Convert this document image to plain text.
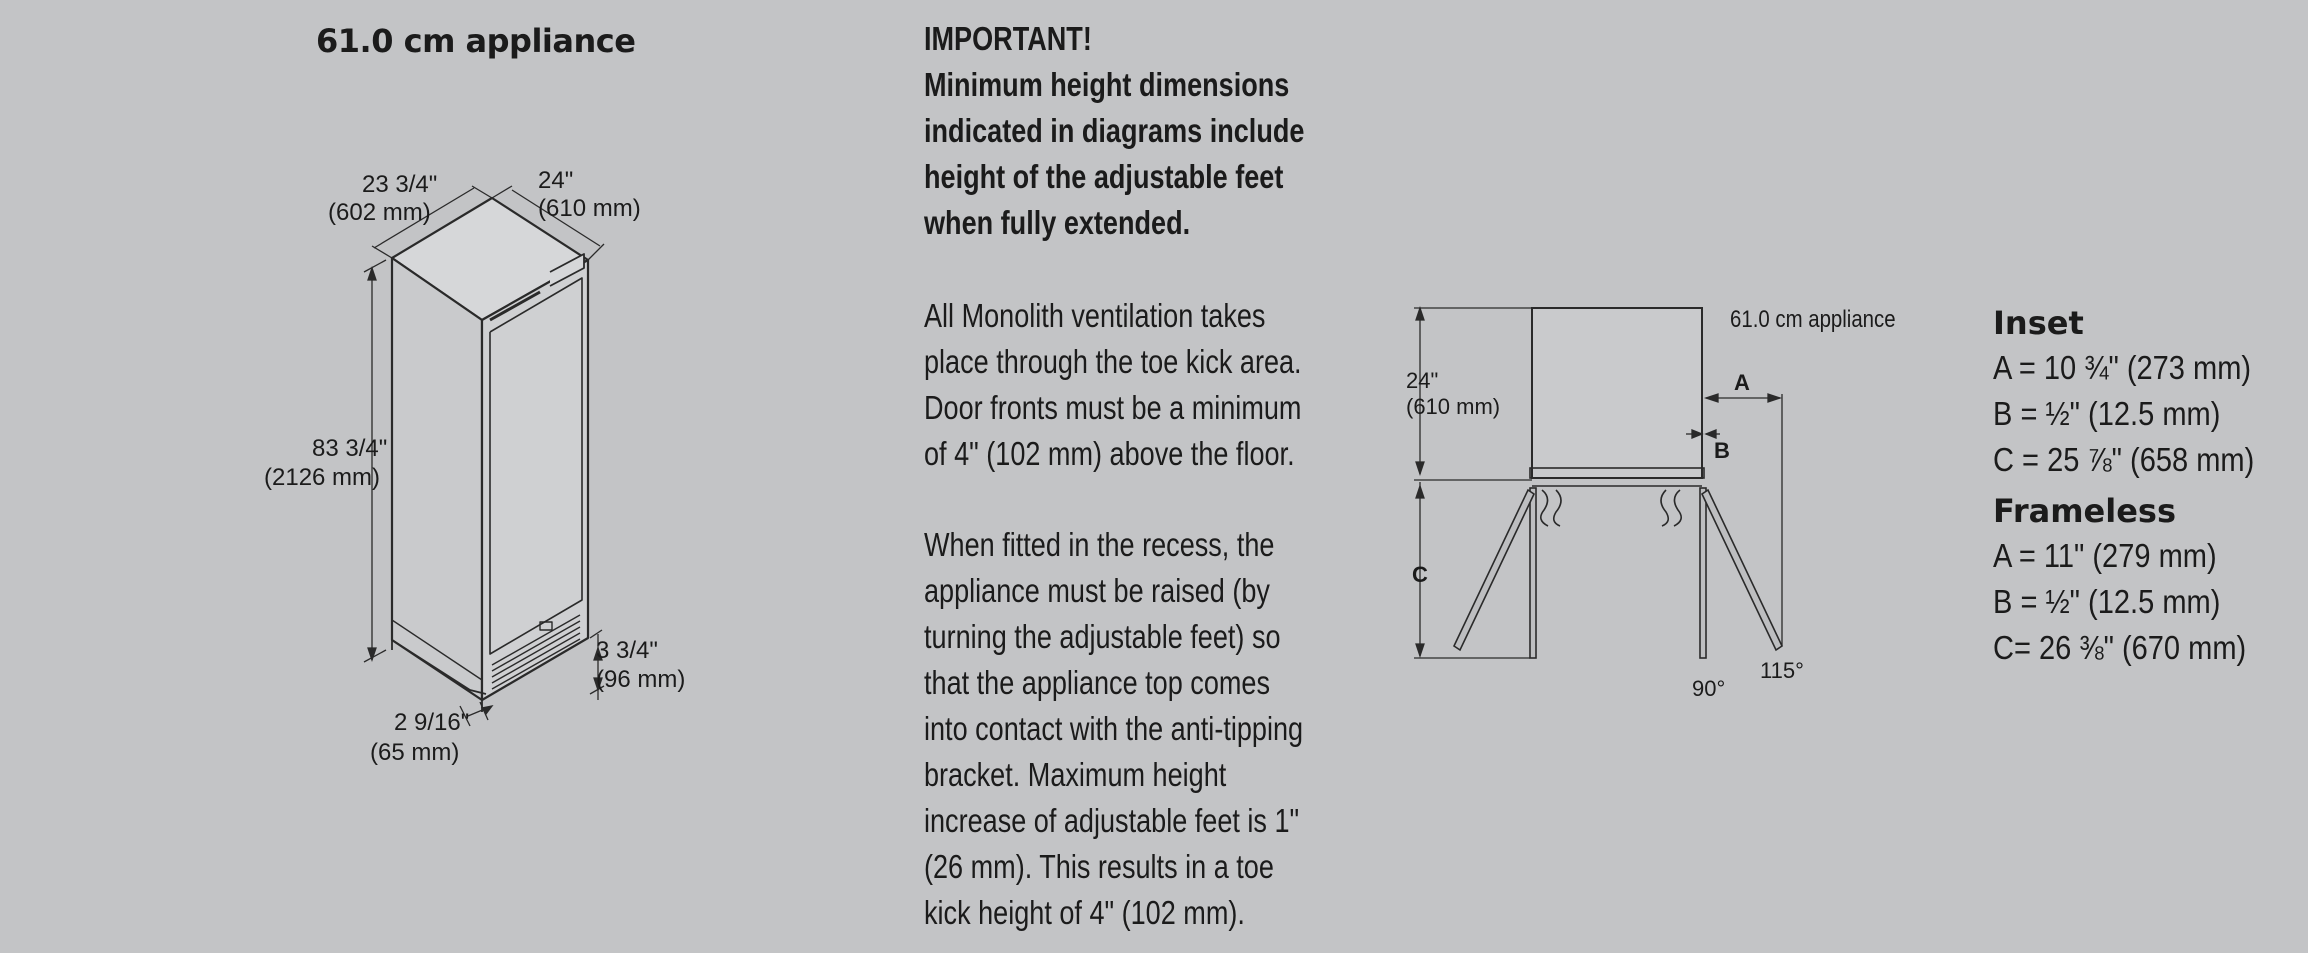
61.0 cm appliance
23 3/4"
(602 mm)
24"
(610 mm)
83 3/4"
(2126 mm)
3 3/4"
(96 mm)
2 9/16"
(65 mm)
IMPORTANT!
Minimum height dimensions
indicated in diagrams include
height of the adjustable feet
when fully extended.
All Monolith ventilation takes
place through the toe kick area.
Door fronts must be a minimum
of 4" (102 mm) above the floor.
When fitted in the recess, the
appliance must be raised (by
turning the adjustable feet) so
that the appliance top comes
into contact with the anti-tipping
bracket. Maximum height
increase of adjustable feet is 1"
(26 mm). This results in a toe
kick height of 4" (102 mm).
61.0 cm appliance
24"
(610 mm)
A
B
C
90°
115°
Inset
A = 10 ¾" (273 mm)
B = ½" (12.5 mm)
C = 25 ⅞" (658 mm)
Frameless
A = 11" (279 mm)
B = ½" (12.5 mm)
C= 26 ⅜" (670 mm)
